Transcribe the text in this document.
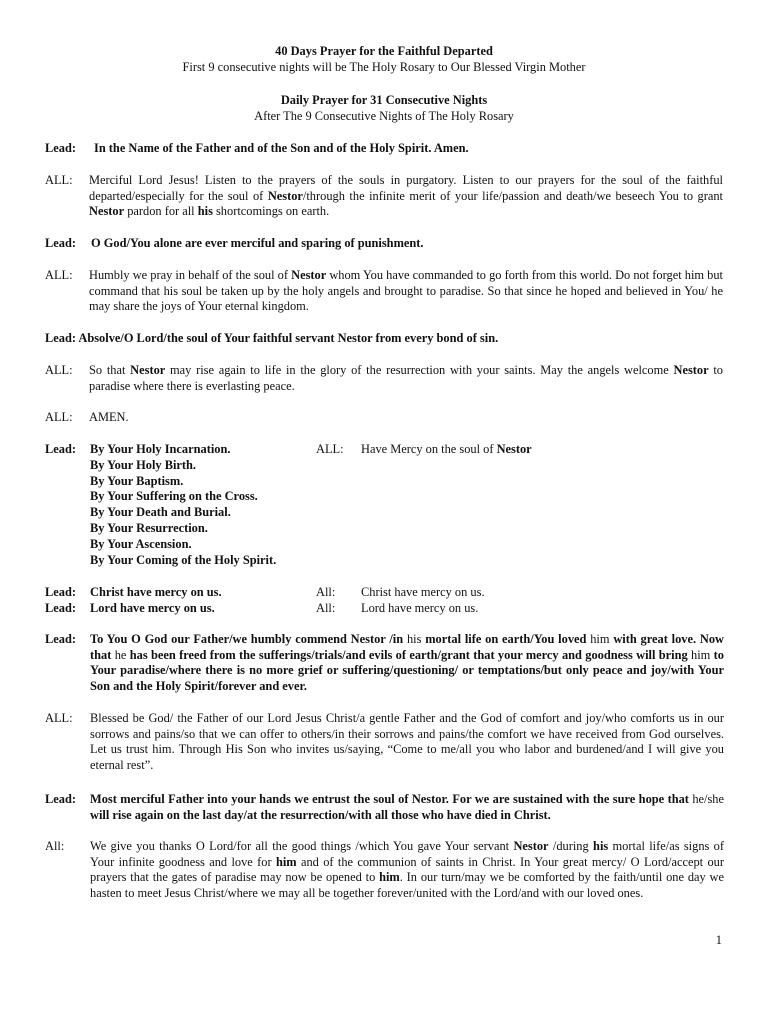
40 Days Prayer for the Faithful Departed
First 9 consecutive nights will be The Holy Rosary to Our Blessed Virgin Mother
Daily Prayer for 31 Consecutive Nights
After The 9 Consecutive Nights of The Holy Rosary
Lead:	In the Name of the Father and of the Son and of the Holy Spirit. Amen.
ALL:	Merciful Lord Jesus! Listen to the prayers of the souls in purgatory. Listen to our prayers for the soul of the faithful departed/especially for the soul of Nestor/through the infinite merit of your life/passion and death/we beseech You to grant Nestor pardon for all his shortcomings on earth.
Lead:	O God/You alone are ever merciful and sparing of punishment.
ALL:	Humbly we pray in behalf of the soul of Nestor whom You have commanded to go forth from this world. Do not forget him but command that his soul be taken up by the holy angels and brought to paradise. So that since he hoped and believed in You/ he may share the joys of Your eternal kingdom.
Lead: Absolve/O Lord/the soul of Your faithful servant Nestor from every bond of sin.
ALL:	So that Nestor may rise again to life in the glory of the resurrection with your saints. May the angels welcome Nestor to paradise where there is everlasting peace.
ALL:	AMEN.
Lead:	By Your Holy Incarnation.
By Your Holy Birth.
By Your Baptism.
By Your Suffering on the Cross.
By Your Death and Burial.
By Your Resurrection.
By Your Ascension.
By Your Coming of the Holy Spirit.
ALL: Have Mercy on the soul of Nestor
Lead:	Christ have mercy on us.	All: Christ have mercy on us.
Lead:	Lord have mercy on us.	All: Lord have mercy on us.
Lead:	To You O God our Father/we humbly commend Nestor /in his mortal life on earth/You loved him with great love. Now that he has been freed from the sufferings/trials/and evils of earth/grant that your mercy and goodness will bring him to Your paradise/where there is no more grief or suffering/questioning/ or temptations/but only peace and joy/with Your Son and the Holy Spirit/forever and ever.
ALL:	Blessed be God/ the Father of our Lord Jesus Christ/a gentle Father and the God of comfort and joy/who comforts us in our sorrows and pains/so that we can offer to others/in their sorrows and pains/the comfort we have received from God ourselves. Let us trust him. Through His Son who invites us/saying, “Come to me/all you who labor and burdened/and I will give you eternal rest”.
Lead:	Most merciful Father into your hands we entrust the soul of Nestor. For we are sustained with the sure hope that he/she will rise again on the last day/at the resurrection/with all those who have died in Christ.
All:	We give you thanks O Lord/for all the good things /which You gave Your servant Nestor /during his mortal life/as signs of Your infinite goodness and love for him and of the communion of saints in Christ. In Your great mercy/ O Lord/accept our prayers that the gates of paradise may now be opened to him. In our turn/may we be comforted by the faith/until one day we hasten to meet Jesus Christ/where we may all be together forever/united with the Lord/and with our loved ones.
1
